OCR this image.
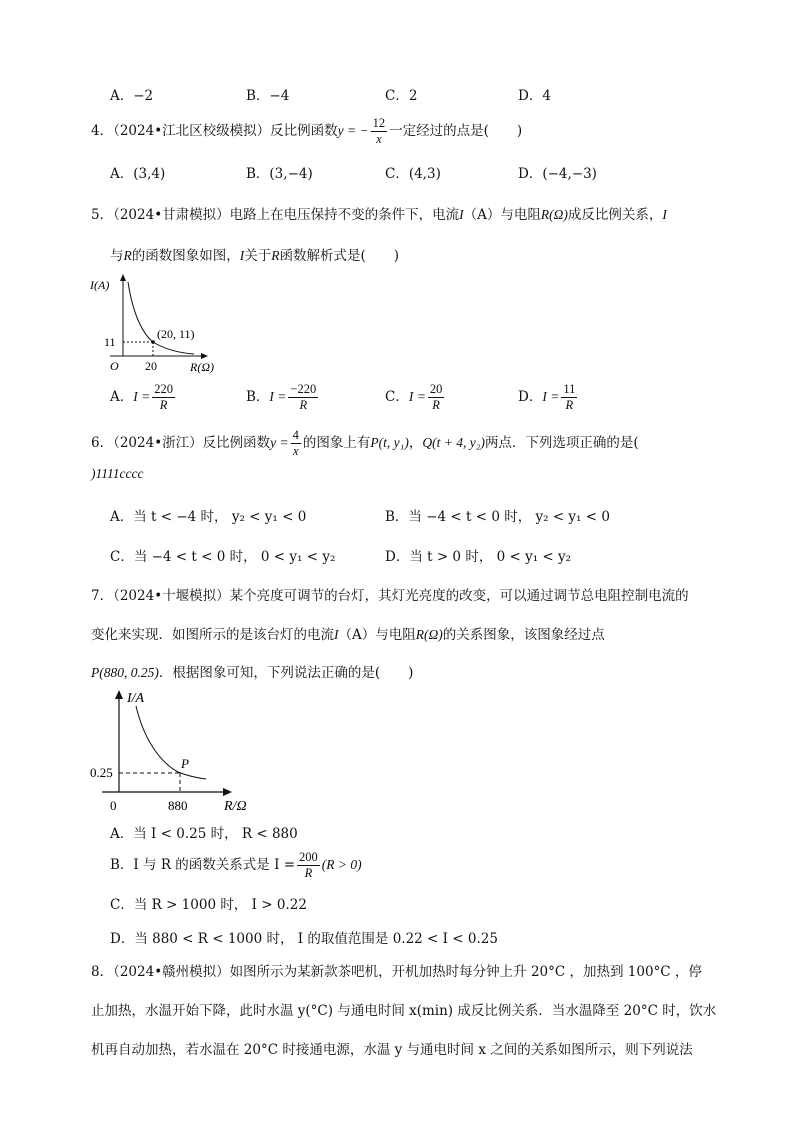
A．−2	B．−4	C．2	D．4
4．（2024•江北区校级模拟）反比例函数y = − $\frac{12}{x}$ 一定经过的点是( )
A．(3,4)	B．(3,−4)	C．(4,3)	D．(−4,−3)
5．（2024•甘肃模拟）电路上在电压保持不变的条件下，电流I（A）与电阻R(Ω)成反比例关系，I
与R的函数图象如图，I关于R函数解析式是( )
I(A)
R(Ω)
O 20
11
(20, 11)
A．$I = \frac{220}{R}$	B．$I = \frac{-220}{R}$	C．$I = \frac{20}{R}$	D．$I = \frac{11}{R}$
6．（2024•浙江）反比例函数$y = \frac{4}{x}$ 的图象上有P(t, y₁)，Q(t + 4, y₂)两点．下列选项正确的是(
)1111cccc
A．当 t < −4 时， y₂ < y₁ < 0	B．当 −4 < t < 0 时， y₂ < y₁ < 0
C．当 −4 < t < 0 时， 0 < y₁ < y₂	D．当 t > 0 时， 0 < y₁ < y₂
7．（2024•十堰模拟）某个亮度可调节的台灯，其灯光亮度的改变，可以通过调节总电阻控制电流的
变化来实现．如图所示的是该台灯的电流I（A）与电阻R(Ω)的关系图象，该图象经过点
P(880, 0.25)．根据图象可知，下列说法正确的是( )
I/A
R/Ω
0	880
0.25
P
A．当 I < 0.25 时， R < 880
B．I 与 R 的函数关系式是 $I = \frac{200}{R} (R > 0)$
C．当 R > 1000 时， I > 0.22
D．当 880 < R < 1000 时， I 的取值范围是 0.22 < I < 0.25
8．（2024•赣州模拟）如图所示为某新款茶吧机，开机加热时每分钟上升 20°C ，加热到 100°C ，停
止加热，水温开始下降，此时水温 y(°C) 与通电时间 x(min) 成反比例关系．当水温降至 20°C 时，饮水
机再自动加热，若水温在 20°C 时接通电源，水温 y 与通电时间 x 之间的关系如图所示，则下列说法
